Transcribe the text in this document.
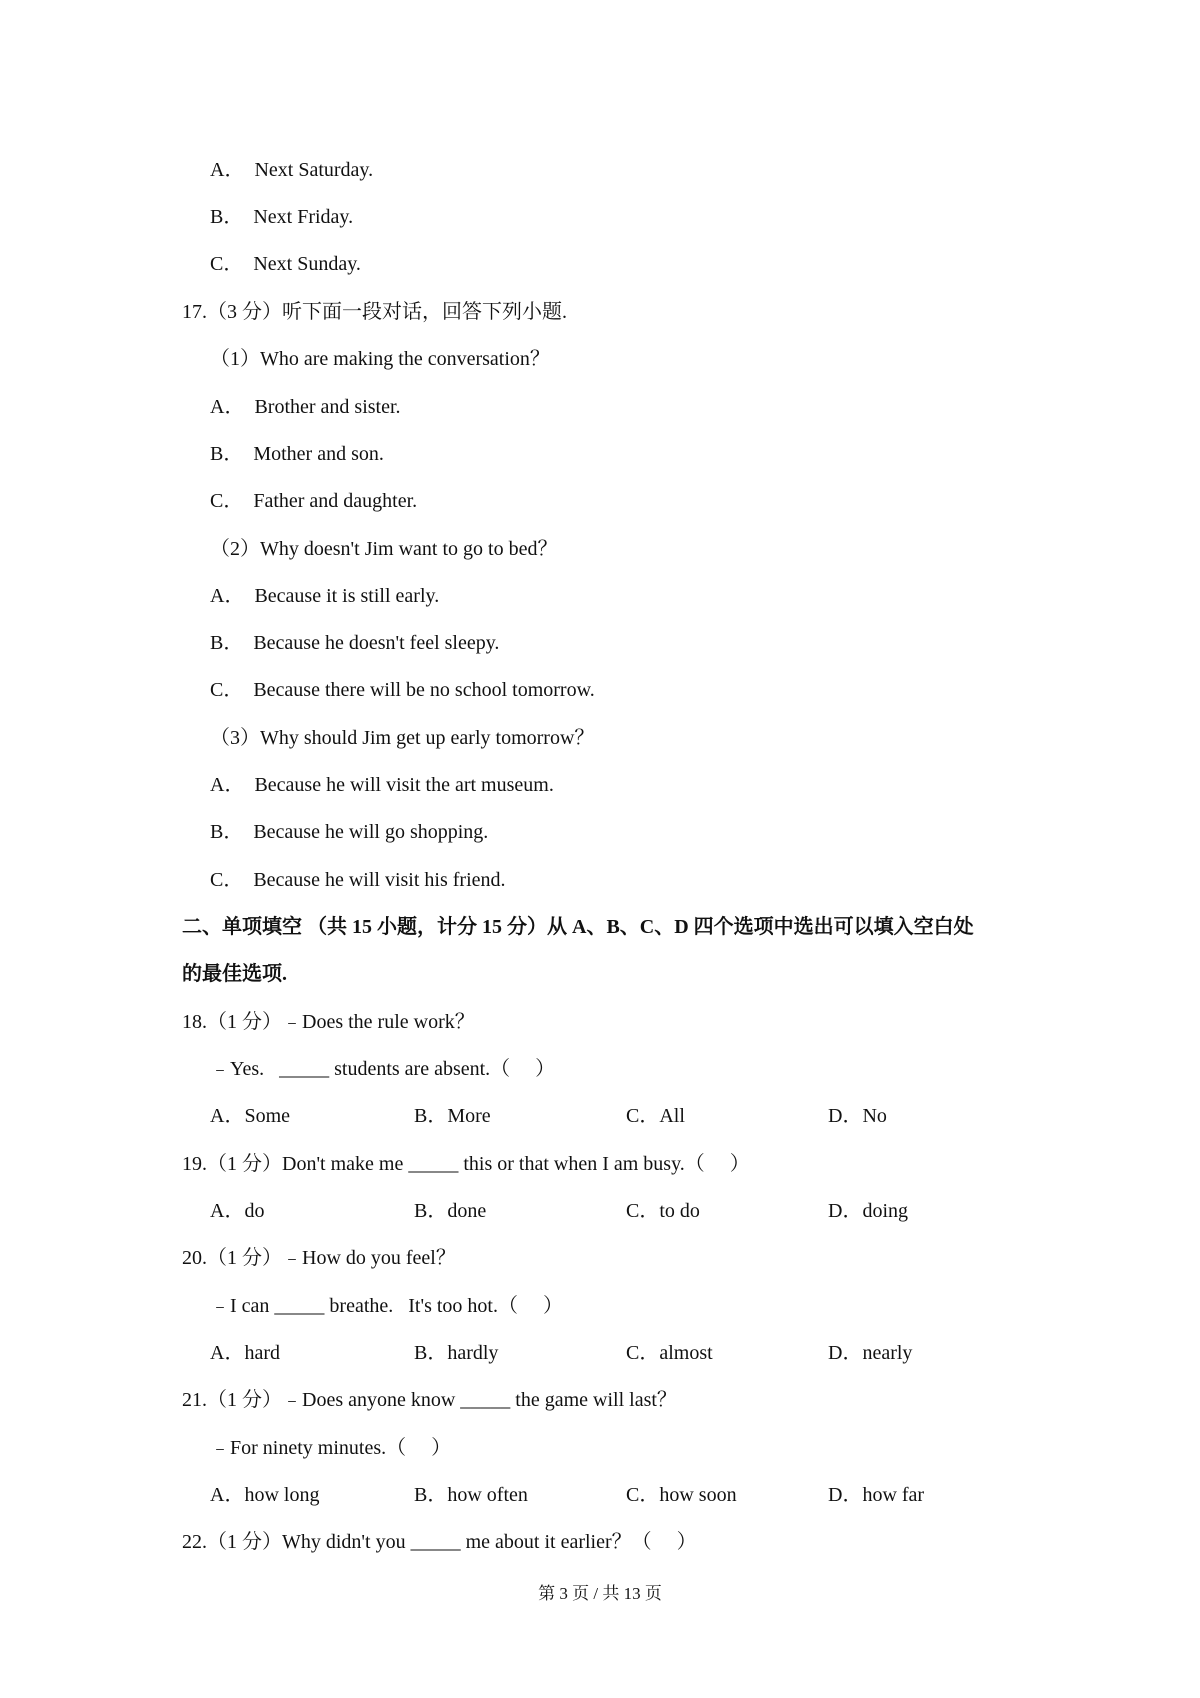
A．  Next Saturday.
B．  Next Friday.
C．  Next Sunday.
17.（3 分）听下面一段对话，回答下列小题.
（1）Who are making the conversation？
A．  Brother and sister.
B．  Mother and son.
C．  Father and daughter.
（2）Why doesn't Jim want to go to bed？
A．  Because it is still early.
B．  Because he doesn't feel sleepy.
C．  Because there will be no school tomorrow.
（3）Why should Jim get up early tomorrow？
A．  Because he will visit the art museum.
B．  Because he will go shopping.
C．  Because he will visit his friend.
二、单项填空 （共 15 小题，计分 15 分）从 A、B、C、D 四个选项中选出可以填入空白处
的最佳选项.
18.（1 分）﹣Does the rule work？
﹣Yes.   _____ students are absent.（     ）
A．Some	B．More	C．All	D．No
19.（1 分）Don't make me _____ this or that when I am busy.（     ）
A．do	B．done	C．to do	D．doing
20.（1 分）﹣How do you feel？
﹣I can _____ breathe.   It's too hot.（     ）
A．hard	B．hardly	C．almost	D．nearly
21.（1 分）﹣Does anyone know _____ the game will last？
﹣For ninety minutes.（     ）
A．how long	B．how often	C．how soon	D．how far
22.（1 分）Why didn't you _____ me about it earlier？（     ）
第 3 页 / 共 13 页
